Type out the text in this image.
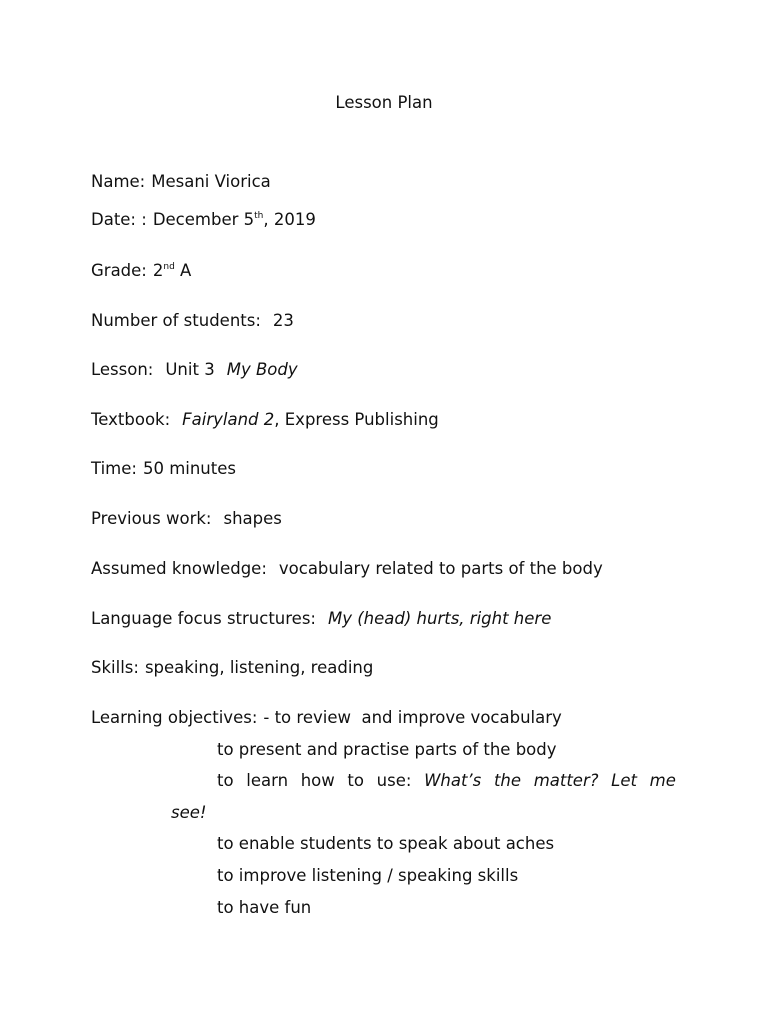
Lesson Plan
Name: Mesani Viorica
Date: : December 5th, 2019
Grade: 2nd A
Number of students: 23
Lesson: Unit 3 My Body
Textbook: Fairyland 2, Express Publishing
Time: 50 minutes
Previous work: shapes
Assumed knowledge: vocabulary related to parts of the body
Language focus structures: My (head) hurts, right here
Skills: speaking, listening, reading
Learning objectives: - to review  and improve vocabulary
to present and practise parts of the body
to learn how to use: What’s the matter? Let me
see!
to enable students to speak about aches
to improve listening / speaking skills
to have fun
